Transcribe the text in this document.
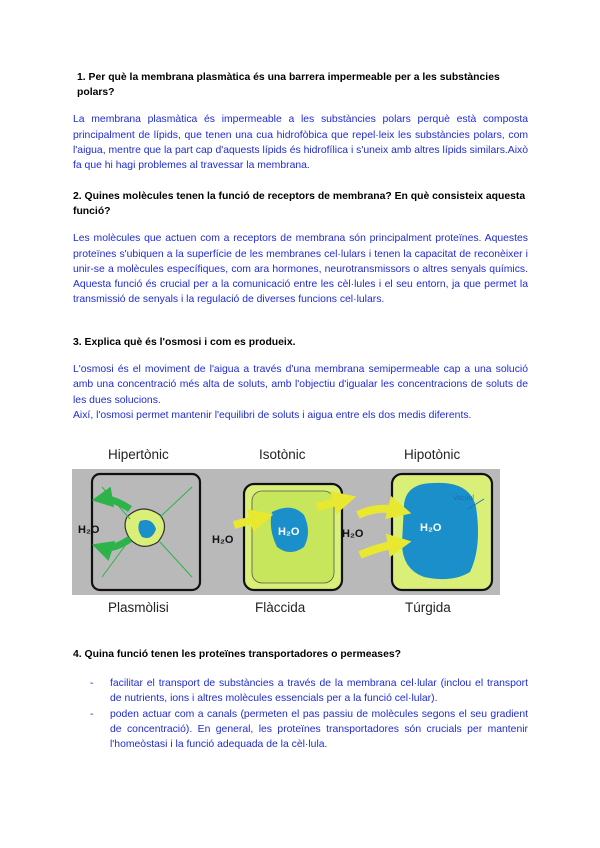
1. Per què la membrana plasmàtica és una barrera impermeable per a les substàncies polars?

La membrana plasmàtica és impermeable a les substàncies polars perquè està composta principalment de lípids, que tenen una cua hidrofòbica que repel·leix les substàncies polars, com l'aigua, mentre que la part cap d'aquests lípids és hidrofílica i s'uneix amb altres lípids similars.Això fa que hi hagi problemes al travessar la membrana.

2. Quines molècules tenen la funció de receptors de membrana? En què consisteix aquesta funció?

Les molècules que actuen com a receptors de membrana són principalment proteïnes. Aquestes proteïnes s'ubiquen a la superfície de les membranes cel·lulars i tenen la capacitat de reconèixer i unir-se a molècules específiques, com ara hormones, neurotransmissors o altres senyals químics. Aquesta funció és crucial per a la comunicació entre les cèl·lules i el seu entorn, ja que permet la transmissió de senyals i la regulació de diverses funcions cel·lulars.

3. Explica què és l'osmosi i com es produeix.

L'osmosi és el moviment de l'aigua a través d'una membrana semipermeable cap a una solució amb una concentració més alta de soluts, amb l'objectiu d'igualar les concentracions de soluts de les dues solucions.

Així, l'osmosi permet mantenir l'equilibri de soluts i aigua entre els dos medis diferents.

H₂O
H₂O
H₂O	H₂O	H₂O
Vacúol
Hipertònic	Isotònic	Hipotònic
Plasmòlisi	Flàccida	Túrgida

4. Quina funció tenen les proteïnes transportadores o permeases?

- facilitar el transport de substàncies a través de la membrana cel·lular (inclou el transport de nutrients, ions i altres molècules essencials per a la funció cel·lular).
- poden actuar com a canals (permeten el pas passiu de molècules segons el seu gradient de concentració). En general, les proteïnes transportadores són crucials per mantenir l'homeòstasi i la funció adequada de la cèl·lula.
